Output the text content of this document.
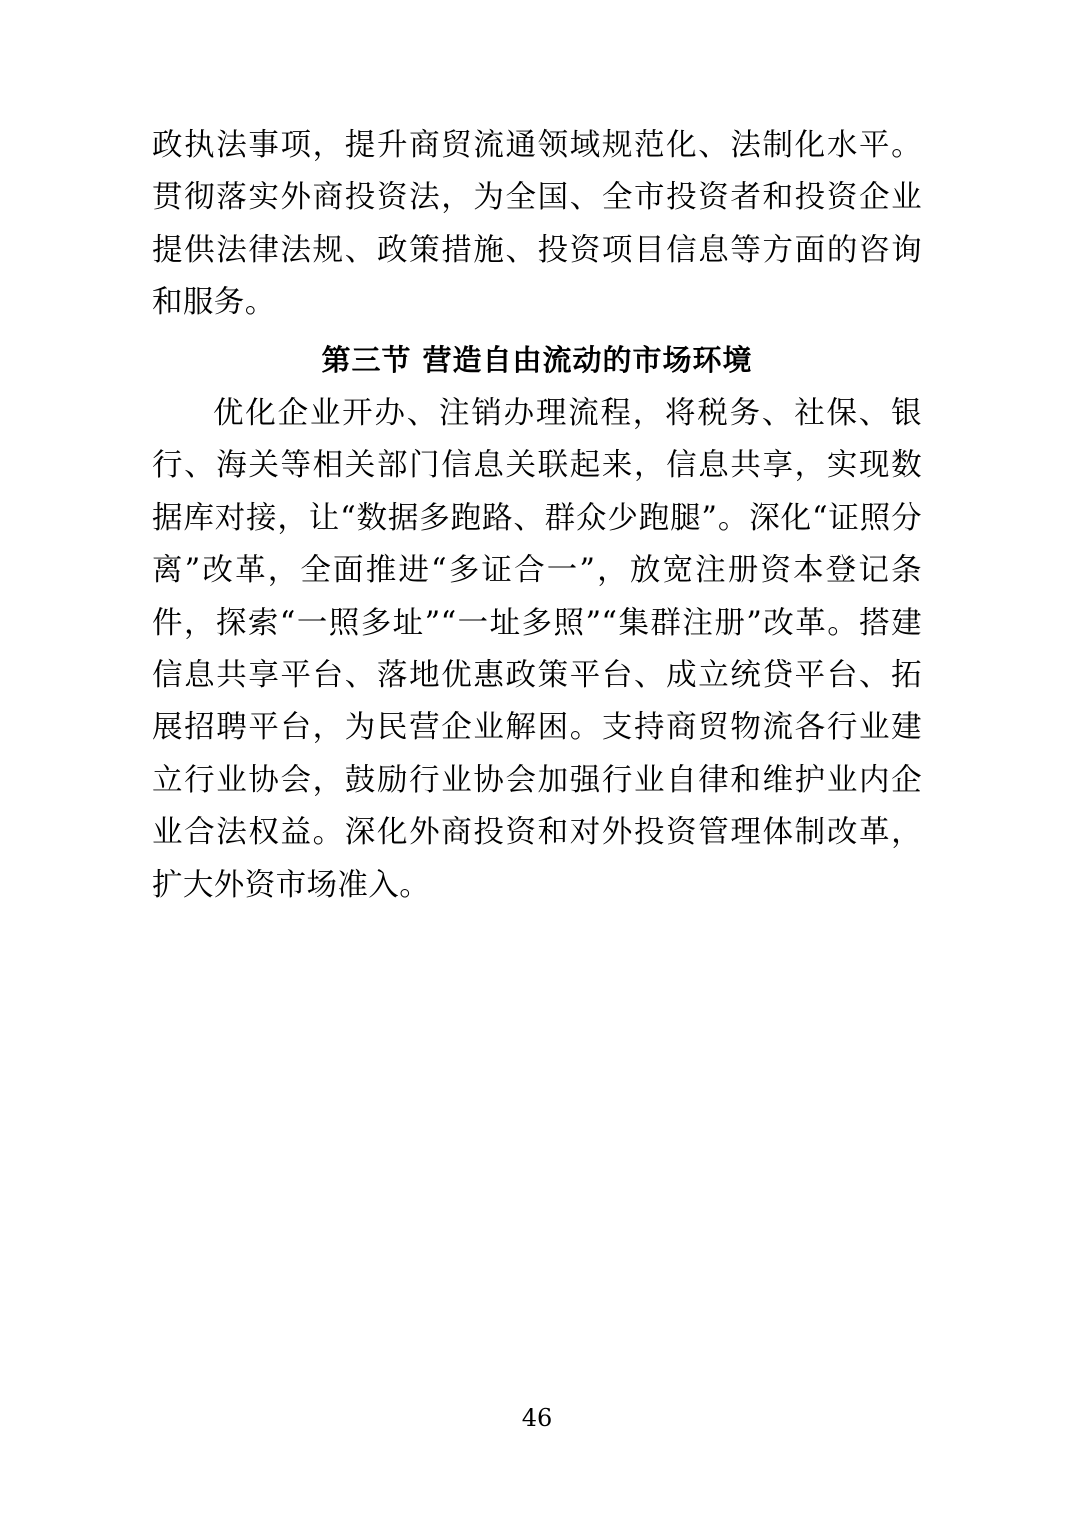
政执法事项，提升商贸流通领域规范化、法制化水平。贯彻落实外商投资法，为全国、全市投资者和投资企业提供法律法规、政策措施、投资项目信息等方面的咨询和服务。

第三节 营造自由流动的市场环境

优化企业开办、注销办理流程，将税务、社保、银行、海关等相关部门信息关联起来，信息共享，实现数据库对接，让“数据多跑路、群众少跑腿”。深化“证照分离”改革，全面推进“多证合一”，放宽注册资本登记条件，探索“一照多址”“一址多照”“集群注册”改革。搭建信息共享平台、落地优惠政策平台、成立统贷平台、拓展招聘平台，为民营企业解困。支持商贸物流各行业建立行业协会，鼓励行业协会加强行业自律和维护业内企业合法权益。深化外商投资和对外投资管理体制改革，扩大外资市场准入。

46
